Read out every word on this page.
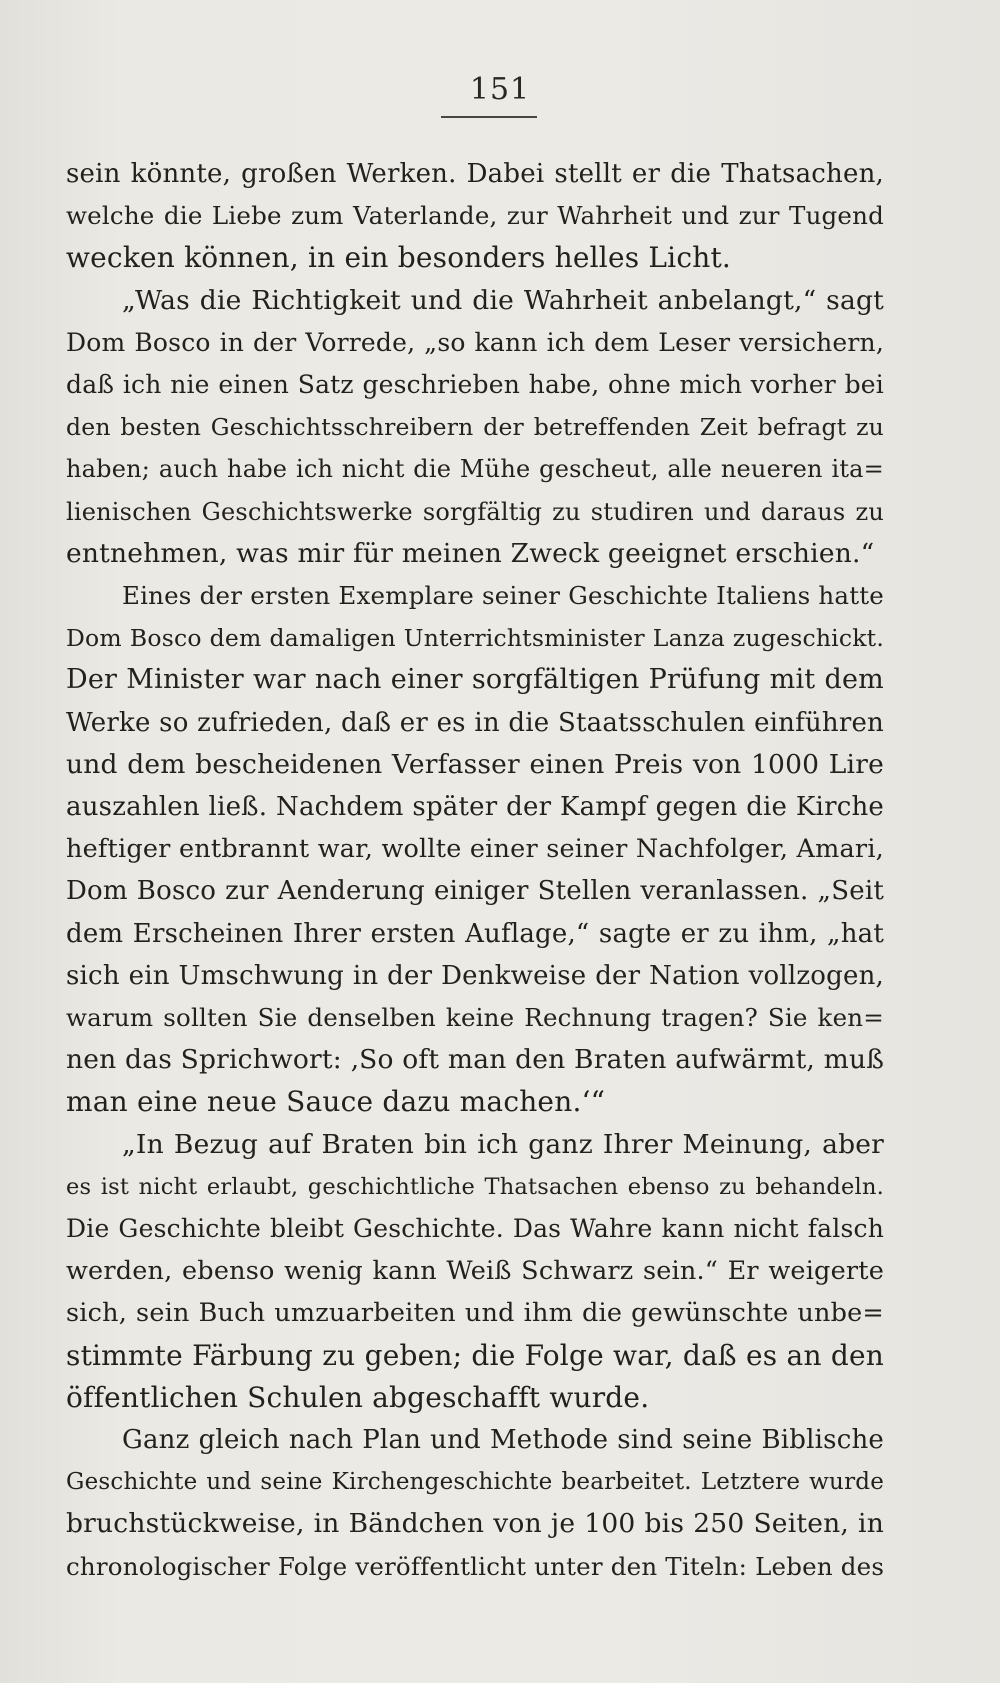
151
sein könnte, großen Werken. Dabei stellt er die Thatsachen,
welche die Liebe zum Vaterlande, zur Wahrheit und zur Tugend
wecken können, in ein besonders helles Licht.
„Was die Richtigkeit und die Wahrheit anbelangt,“ sagt
Dom Bosco in der Vorrede, „so kann ich dem Leser versichern,
daß ich nie einen Satz geschrieben habe, ohne mich vorher bei
den besten Geschichtsschreibern der betreffenden Zeit befragt zu
haben; auch habe ich nicht die Mühe gescheut, alle neueren ita=
lienischen Geschichtswerke sorgfältig zu studiren und daraus zu
entnehmen, was mir für meinen Zweck geeignet erschien.“
Eines der ersten Exemplare seiner Geschichte Italiens hatte
Dom Bosco dem damaligen Unterrichtsminister Lanza zugeschickt.
Der Minister war nach einer sorgfältigen Prüfung mit dem
Werke so zufrieden, daß er es in die Staatsschulen einführen
und dem bescheidenen Verfasser einen Preis von 1000 Lire
auszahlen ließ. Nachdem später der Kampf gegen die Kirche
heftiger entbrannt war, wollte einer seiner Nachfolger, Amari,
Dom Bosco zur Aenderung einiger Stellen veranlassen. „Seit
dem Erscheinen Ihrer ersten Auflage,“ sagte er zu ihm, „hat
sich ein Umschwung in der Denkweise der Nation vollzogen,
warum sollten Sie denselben keine Rechnung tragen? Sie ken=
nen das Sprichwort: ‚So oft man den Braten aufwärmt, muß
man eine neue Sauce dazu machen.‘“
„In Bezug auf Braten bin ich ganz Ihrer Meinung, aber
es ist nicht erlaubt, geschichtliche Thatsachen ebenso zu behandeln.
Die Geschichte bleibt Geschichte. Das Wahre kann nicht falsch
werden, ebenso wenig kann Weiß Schwarz sein.“ Er weigerte
sich, sein Buch umzuarbeiten und ihm die gewünschte unbe=
stimmte Färbung zu geben; die Folge war, daß es an den
öffentlichen Schulen abgeschafft wurde.
Ganz gleich nach Plan und Methode sind seine Biblische
Geschichte und seine Kirchengeschichte bearbeitet. Letztere wurde
bruchstückweise, in Bändchen von je 100 bis 250 Seiten, in
chronologischer Folge veröffentlicht unter den Titeln: Leben des
